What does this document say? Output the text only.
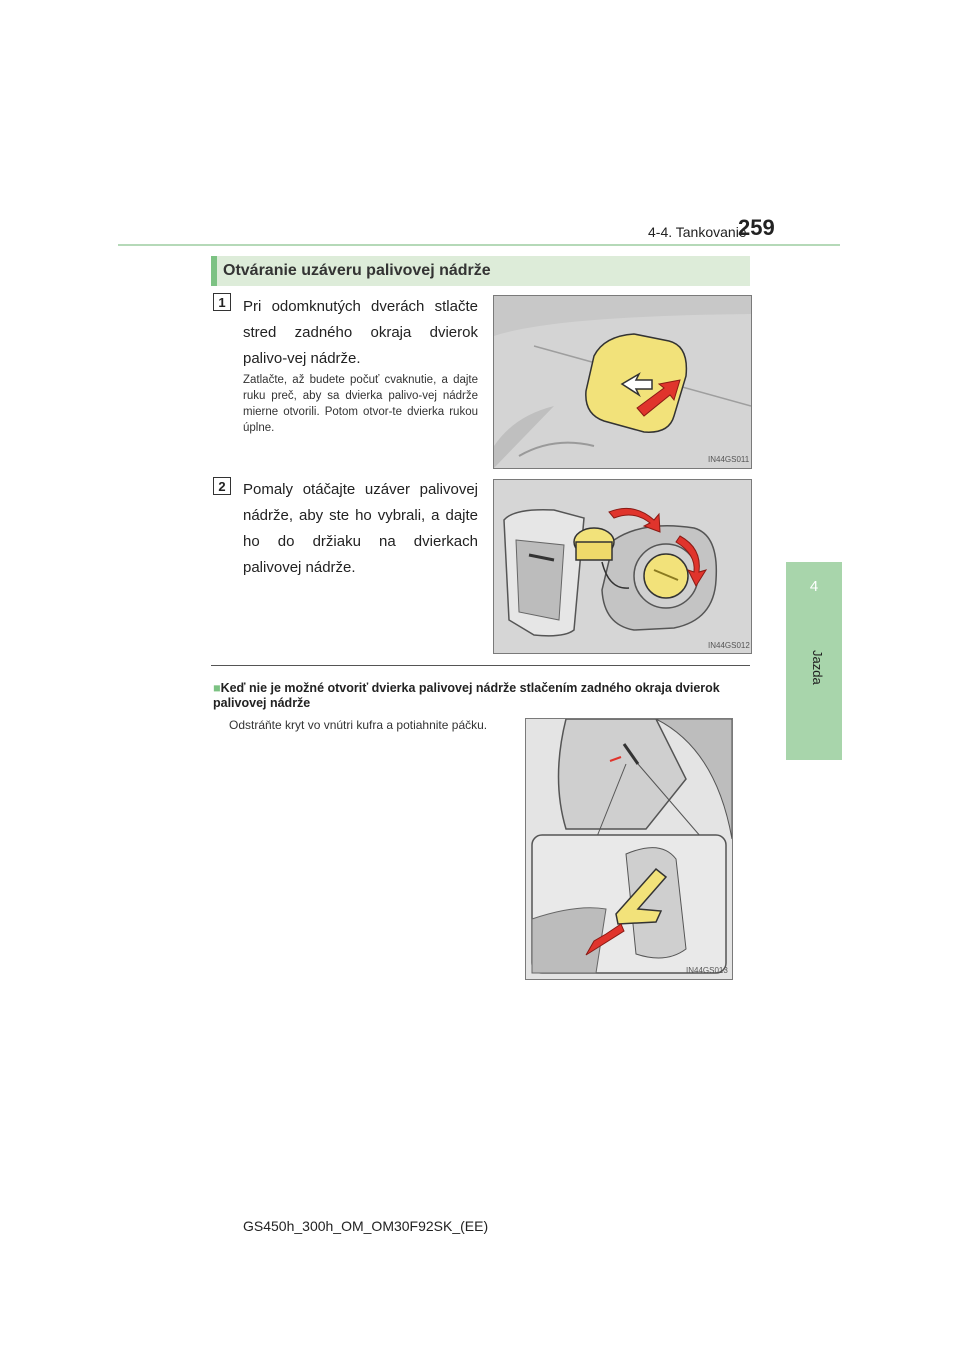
4-4. Tankovanie
259
4
Jazda
Otváranie uzáveru palivovej nádrže
1	Pri odomknutých dverách stlačte stred zadného okraja dvierok palivo-vej nádrže.
Zatlačte, až budete počuť cvaknutie, a dajte ruku preč, aby sa dvierka palivo-vej nádrže mierne otvorili. Potom otvor-te dvierka rukou úplne.
IN44GS011
2	Pomaly otáčajte uzáver palivovej nádrže, aby ste ho vybrali, a dajte ho do držiaku na dvierkach palivovej nádrže.
IN44GS012
■Keď nie je možné otvoriť dvierka palivovej nádrže stlačením zadného okraja dvierok palivovej nádrže
Odstráňte kryt vo vnútri kufra a potiahnite páčku.
IN44GS013
GS450h_300h_OM_OM30F92SK_(EE)
